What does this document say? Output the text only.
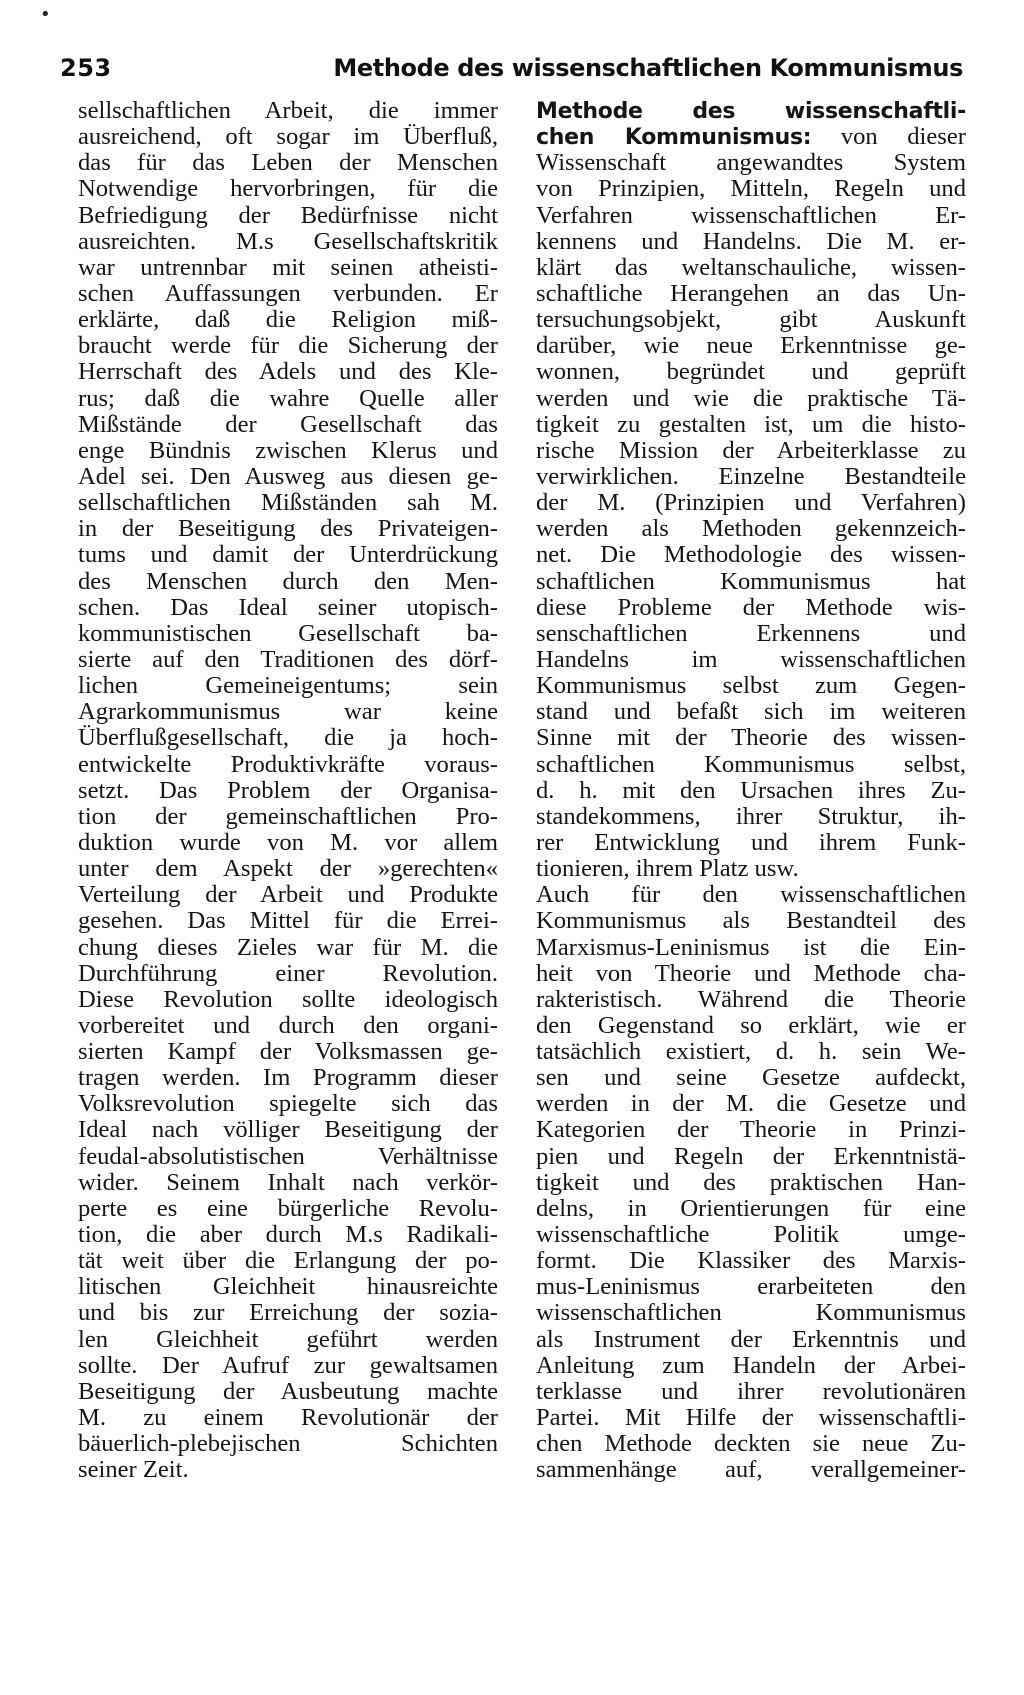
•
253	Methode des wissenschaftlichen Kommunismus
sellschaftlichen Arbeit, die immer
ausreichend, oft sogar im Überfluß,
das für das Leben der Menschen
Notwendige hervorbringen, für die
Befriedigung der Bedürfnisse nicht
ausreichten. M.s Gesellschaftskritik
war untrennbar mit seinen atheisti-
schen Auffassungen verbunden. Er
erklärte, daß die Religion miß-
braucht werde für die Sicherung der
Herrschaft des Adels und des Kle-
rus; daß die wahre Quelle aller
Mißstände der Gesellschaft das
enge Bündnis zwischen Klerus und
Adel sei. Den Ausweg aus diesen ge-
sellschaftlichen Mißständen sah M.
in der Beseitigung des Privateigen-
tums und damit der Unterdrückung
des Menschen durch den Men-
schen. Das Ideal seiner utopisch-
kommunistischen Gesellschaft ba-
sierte auf den Traditionen des dörf-
lichen Gemeineigentums; sein
Agrarkommunismus war keine
Überflußgesellschaft, die ja hoch-
entwickelte Produktivkräfte voraus-
setzt. Das Problem der Organisa-
tion der gemeinschaftlichen Pro-
duktion wurde von M. vor allem
unter dem Aspekt der »gerechten«
Verteilung der Arbeit und Produkte
gesehen. Das Mittel für die Errei-
chung dieses Zieles war für M. die
Durchführung einer Revolution.
Diese Revolution sollte ideologisch
vorbereitet und durch den organi-
sierten Kampf der Volksmassen ge-
tragen werden. Im Programm dieser
Volksrevolution spiegelte sich das
Ideal nach völliger Beseitigung der
feudal-absolutistischen Verhältnisse
wider. Seinem Inhalt nach verkör-
perte es eine bürgerliche Revolu-
tion, die aber durch M.s Radikali-
tät weit über die Erlangung der po-
litischen Gleichheit hinausreichte
und bis zur Erreichung der sozia-
len Gleichheit geführt werden
sollte. Der Aufruf zur gewaltsamen
Beseitigung der Ausbeutung machte
M. zu einem Revolutionär der
bäuerlich-plebejischen Schichten
seiner Zeit.
Methode des wissenschaftli-
chen Kommunismus: von dieser
Wissenschaft angewandtes System
von Prinzipien, Mitteln, Regeln und
Verfahren wissenschaftlichen Er-
kennens und Handelns. Die M. er-
klärt das weltanschauliche, wissen-
schaftliche Herangehen an das Un-
tersuchungsobjekt, gibt Auskunft
darüber, wie neue Erkenntnisse ge-
wonnen, begründet und geprüft
werden und wie die praktische Tä-
tigkeit zu gestalten ist, um die histo-
rische Mission der Arbeiterklasse zu
verwirklichen. Einzelne Bestandteile
der M. (Prinzipien und Verfahren)
werden als Methoden gekennzeich-
net. Die Methodologie des wissen-
schaftlichen Kommunismus hat
diese Probleme der Methode wis-
senschaftlichen Erkennens und
Handelns im wissenschaftlichen
Kommunismus selbst zum Gegen-
stand und befaßt sich im weiteren
Sinne mit der Theorie des wissen-
schaftlichen Kommunismus selbst,
d. h. mit den Ursachen ihres Zu-
standekommens, ihrer Struktur, ih-
rer Entwicklung und ihrem Funk-
tionieren, ihrem Platz usw.
Auch für den wissenschaftlichen
Kommunismus als Bestandteil des
Marxismus-Leninismus ist die Ein-
heit von Theorie und Methode cha-
rakteristisch. Während die Theorie
den Gegenstand so erklärt, wie er
tatsächlich existiert, d. h. sein We-
sen und seine Gesetze aufdeckt,
werden in der M. die Gesetze und
Kategorien der Theorie in Prinzi-
pien und Regeln der Erkenntnistä-
tigkeit und des praktischen Han-
delns, in Orientierungen für eine
wissenschaftliche Politik umge-
formt. Die Klassiker des Marxis-
mus-Leninismus erarbeiteten den
wissenschaftlichen Kommunismus
als Instrument der Erkenntnis und
Anleitung zum Handeln der Arbei-
terklasse und ihrer revolutionären
Partei. Mit Hilfe der wissenschaftli-
chen Methode deckten sie neue Zu-
sammenhänge auf, verallgemeiner-
